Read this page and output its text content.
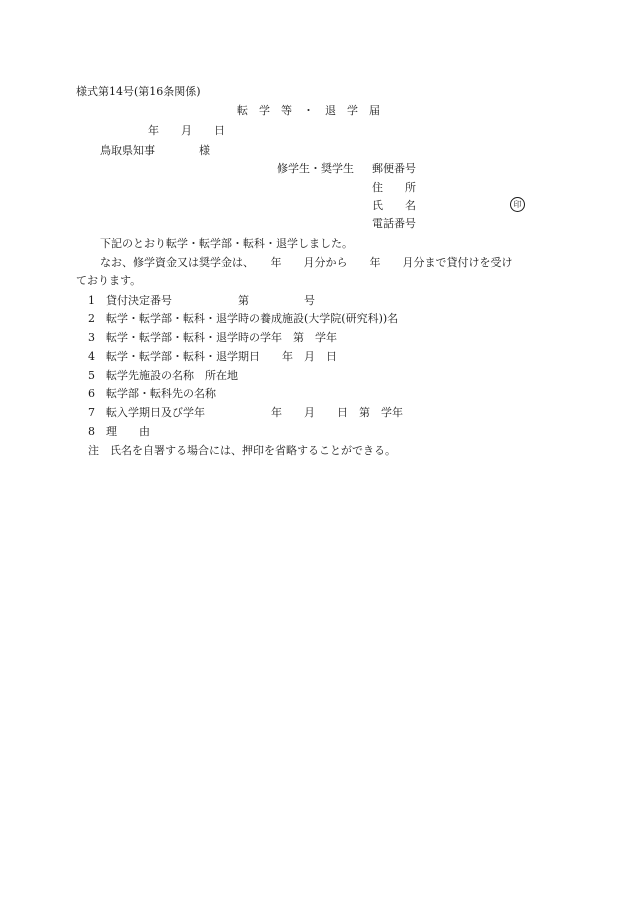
様式第14号(第16条関係)
転　学　等　・　退　学　届
年　　月　　日
鳥取県知事　　　　様
修学生・奨学生 郵便番号
住　　所
氏　　名	印
電話番号
下記のとおり転学・転学部・転科・退学しました。
なお、修学資金又は奨学金は、　　年　　月分から　　年　　月分まで貸付けを受け
ております。
1 貸付決定番号　　　　　　第　　　　　号
2 転学・転学部・転科・退学時の養成施設(大学院(研究科))名
3 転学・転学部・転科・退学時の学年　第　学年
4 転学・転学部・転科・退学期日　　年　月　日
5 転学先施設の名称　所在地
6 転学部・転科先の名称
7 転入学期日及び学年　　　　　　年　　月　　日　第　学年
8 理　　由
注　氏名を自署する場合には、押印を省略することができる。
